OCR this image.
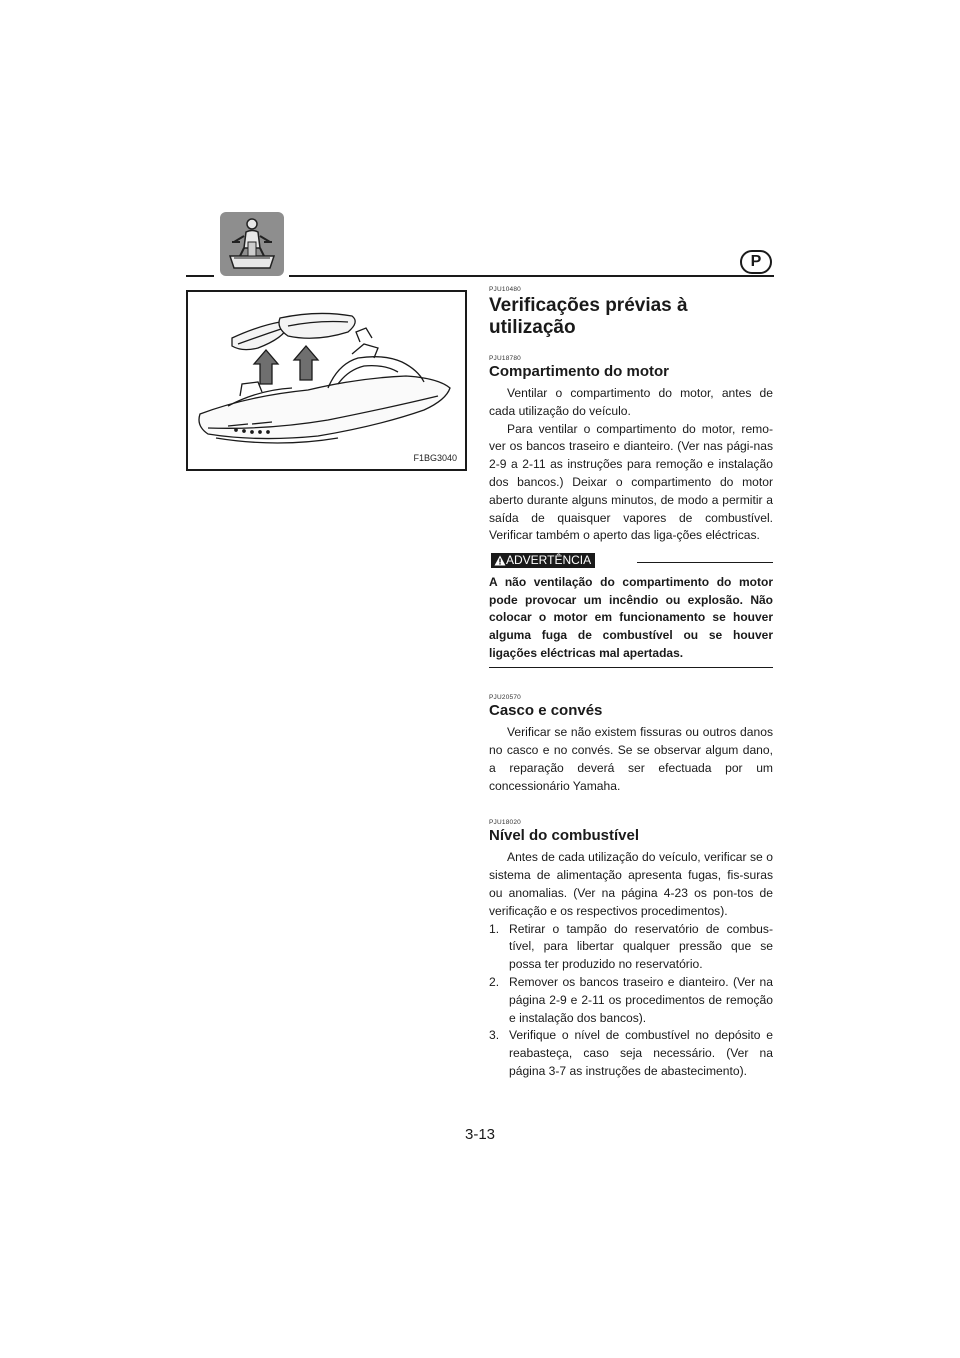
P
F1BG3040
PJU10480
Verificações prévias à utilização
PJU18780
Compartimento do motor

Ventilar o compartimento do motor, antes de cada utilização do veículo.

Para ventilar o compartimento do motor, remo-ver os bancos traseiro e dianteiro. (Ver nas pági-nas 2-9 a 2-11 as instruções para remoção e instalação dos bancos.) Deixar o compartimento do motor aberto durante alguns minutos, de modo a permitir a saída de quaisquer vapores de combustível. Verificar também o aperto das liga-ções eléctricas.

ADVERTÊNCIA
A não ventilação do compartimento do motor pode provocar um incêndio ou explosão. Não colocar o motor em funcionamento se houver alguma fuga de combustível ou se houver ligações eléctricas mal apertadas.
PJU20570
Casco e convés

Verificar se não existem fissuras ou outros danos no casco e no convés. Se se observar algum dano, a reparação deverá ser efectuada por um concessionário Yamaha.

PJU18020
Nível do combustível

Antes de cada utilização do veículo, verificar se o sistema de alimentação apresenta fugas, fis-suras ou anomalias. (Ver na página 4-23 os pon-tos de verificação e os respectivos procedimentos).

1. Retirar o tampão do reservatório de combus-tível, para libertar qualquer pressão que se possa ter produzido no reservatório.
2. Remover os bancos traseiro e dianteiro. (Ver na página 2-9 e 2-11 os procedimentos de remoção e instalação dos bancos).
3. Verifique o nível de combustível no depósito e reabasteça, caso seja necessário. (Ver na página 3-7 as instruções de abastecimento).
3-13
